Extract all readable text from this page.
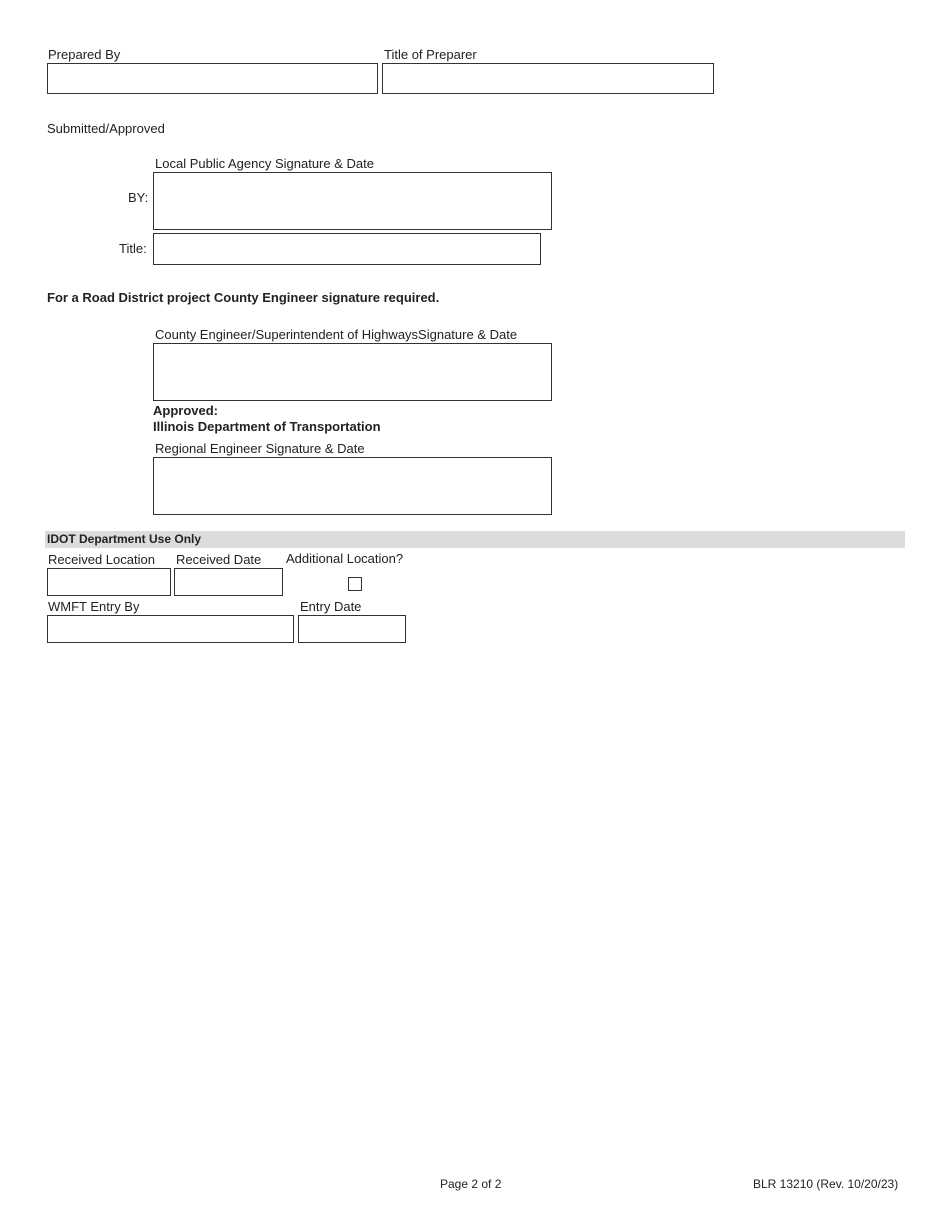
Prepared By	Title of Preparer
Submitted/Approved
Local Public Agency Signature & Date
BY:
Title:
For a Road District project County Engineer signature required.
County Engineer/Superintendent of HighwaysSignature & Date
Approved:
Illinois Department of Transportation
Regional Engineer Signature & Date
IDOT Department Use Only
Received Location Received Date Additional Location?
WMFT Entry By	Entry Date
Page 2 of 2	BLR 13210 (Rev. 10/20/23)
